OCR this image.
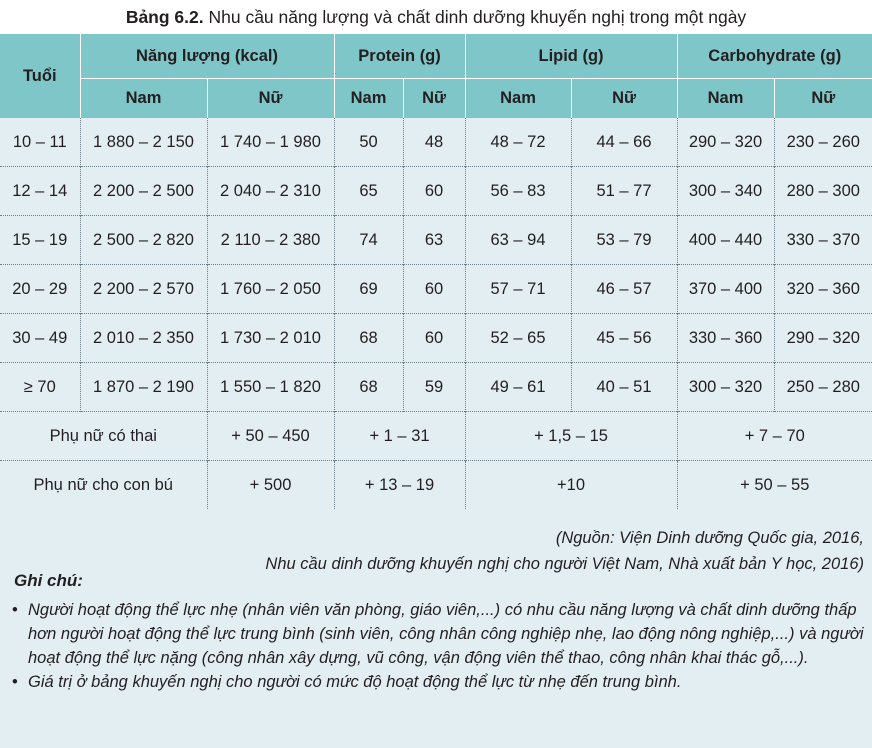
Bảng 6.2. Nhu cầu năng lượng và chất dinh dưỡng khuyến nghị trong một ngày
Tuổi	Năng lượng (kcal)		Protein (g)		Lipid (g)		Carbohydrate (g)	
	Nam	Nữ	Nam	Nữ	Nam	Nữ	Nam	Nữ
10 – 11	1 880 – 2 150	1 740 – 1 980	50	48	48 – 72	44 – 66	290 – 320	230 – 260
12 – 14	2 200 – 2 500	2 040 – 2 310	65	60	56 – 83	51 – 77	300 – 340	280 – 300
15 – 19	2 500 – 2 820	2 110 – 2 380	74	63	63 – 94	53 – 79	400 – 440	330 – 370
20 – 29	2 200 – 2 570	1 760 – 2 050	69	60	57 – 71	46 – 57	370 – 400	320 – 360
30 – 49	2 010 – 2 350	1 730 – 2 010	68	60	52 – 65	45 – 56	330 – 360	290 – 320
≥ 70	1 870 – 2 190	1 550 – 1 820	68	59	49 – 61	40 – 51	300 – 320	250 – 280
Phụ nữ có thai		+ 50 – 450	+ 1 – 31		+ 1,5 – 15		+ 7 – 70	
Phụ nữ cho con bú		+ 500	+ 13 – 19		+10		+ 50 – 55	
(Nguồn: Viện Dinh dưỡng Quốc gia, 2016,
Nhu cầu dinh dưỡng khuyến nghị cho người Việt Nam, Nhà xuất bản Y học, 2016)
Ghi chú:
• Người hoạt động thể lực nhẹ (nhân viên văn phòng, giáo viên,...) có nhu cầu năng lượng và chất dinh dưỡng thấp hơn người hoạt động thể lực trung bình (sinh viên, công nhân công nghiệp nhẹ, lao động nông nghiệp,...) và người hoạt động thể lực nặng (công nhân xây dựng, vũ công, vận động viên thể thao, công nhân khai thác gỗ,...).
• Giá trị ở bảng khuyến nghị cho người có mức độ hoạt động thể lực từ nhẹ đến trung bình.
